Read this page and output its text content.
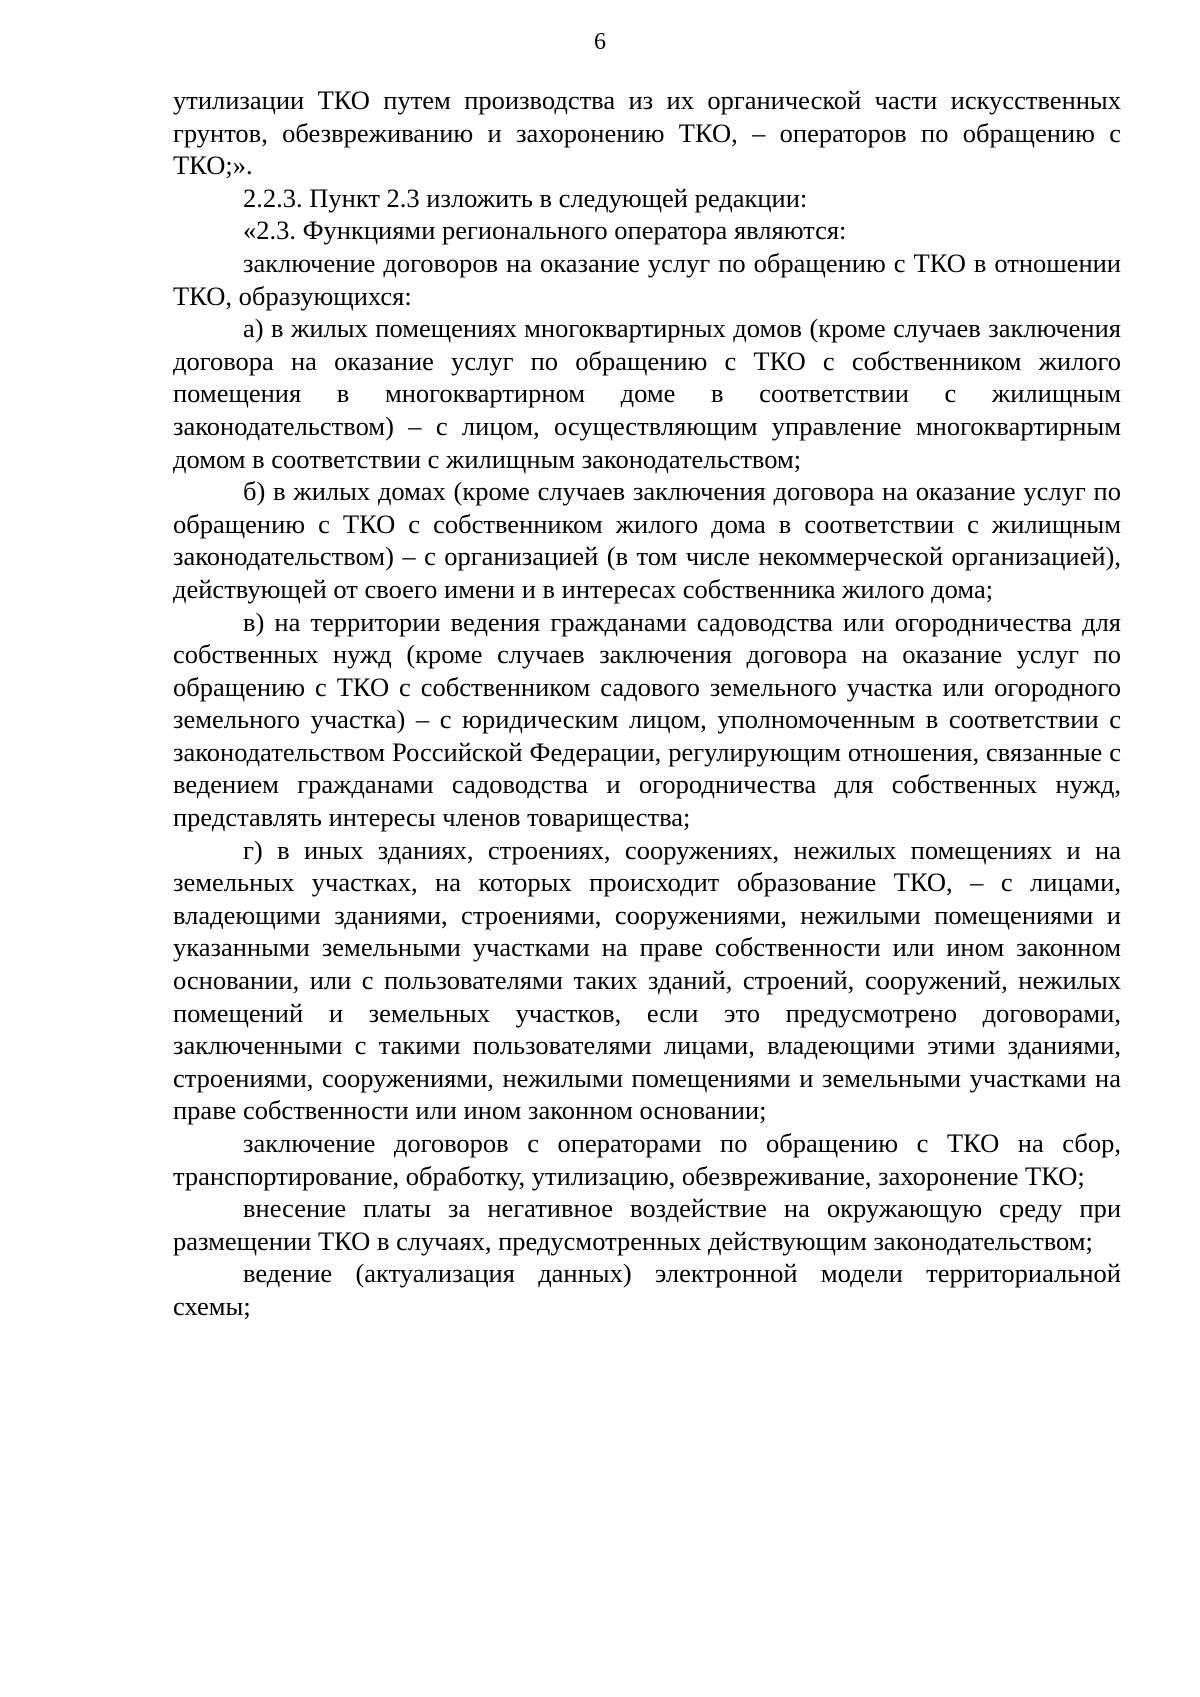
6

утилизации ТКО путем производства из их органической части искусственных грунтов, обезвреживанию и захоронению ТКО, – операторов по обращению с ТКО;».

2.2.3. Пункт 2.3 изложить в следующей редакции:

«2.3. Функциями регионального оператора являются:

заключение договоров на оказание услуг по обращению с ТКО в отношении ТКО, образующихся:

а) в жилых помещениях многоквартирных домов (кроме случаев заключения договора на оказание услуг по обращению с ТКО с собственником жилого помещения в многоквартирном доме в соответствии с жилищным законодательством) – с лицом, осуществляющим управление многоквартирным домом в соответствии с жилищным законодательством;

б) в жилых домах (кроме случаев заключения договора на оказание услуг по обращению с ТКО с собственником жилого дома в соответствии с жилищным законодательством) – с организацией (в том числе некоммерческой организацией), действующей от своего имени и в интересах собственника жилого дома;

в) на территории ведения гражданами садоводства или огородничества для собственных нужд (кроме случаев заключения договора на оказание услуг по обращению с ТКО с собственником садового земельного участка или огородного земельного участка) – с юридическим лицом, уполномоченным в соответствии с законодательством Российской Федерации, регулирующим отношения, связанные с ведением гражданами садоводства и огородничества для собственных нужд, представлять интересы членов товарищества;

г) в иных зданиях, строениях, сооружениях, нежилых помещениях и на земельных участках, на которых происходит образование ТКО, – с лицами, владеющими зданиями, строениями, сооружениями, нежилыми помещениями и указанными земельными участками на праве собственности или ином законном основании, или с пользователями таких зданий, строений, сооружений, нежилых помещений и земельных участков, если это предусмотрено договорами, заключенными с такими пользователями лицами, владеющими этими зданиями, строениями, сооружениями, нежилыми помещениями и земельными участками на праве собственности или ином законном основании;

заключение договоров с операторами по обращению с ТКО на сбор, транспортирование, обработку, утилизацию, обезвреживание, захоронение ТКО;

внесение платы за негативное воздействие на окружающую среду при размещении ТКО в случаях, предусмотренных действующим законодательством;

ведение (актуализация данных) электронной модели территориальной схемы;
